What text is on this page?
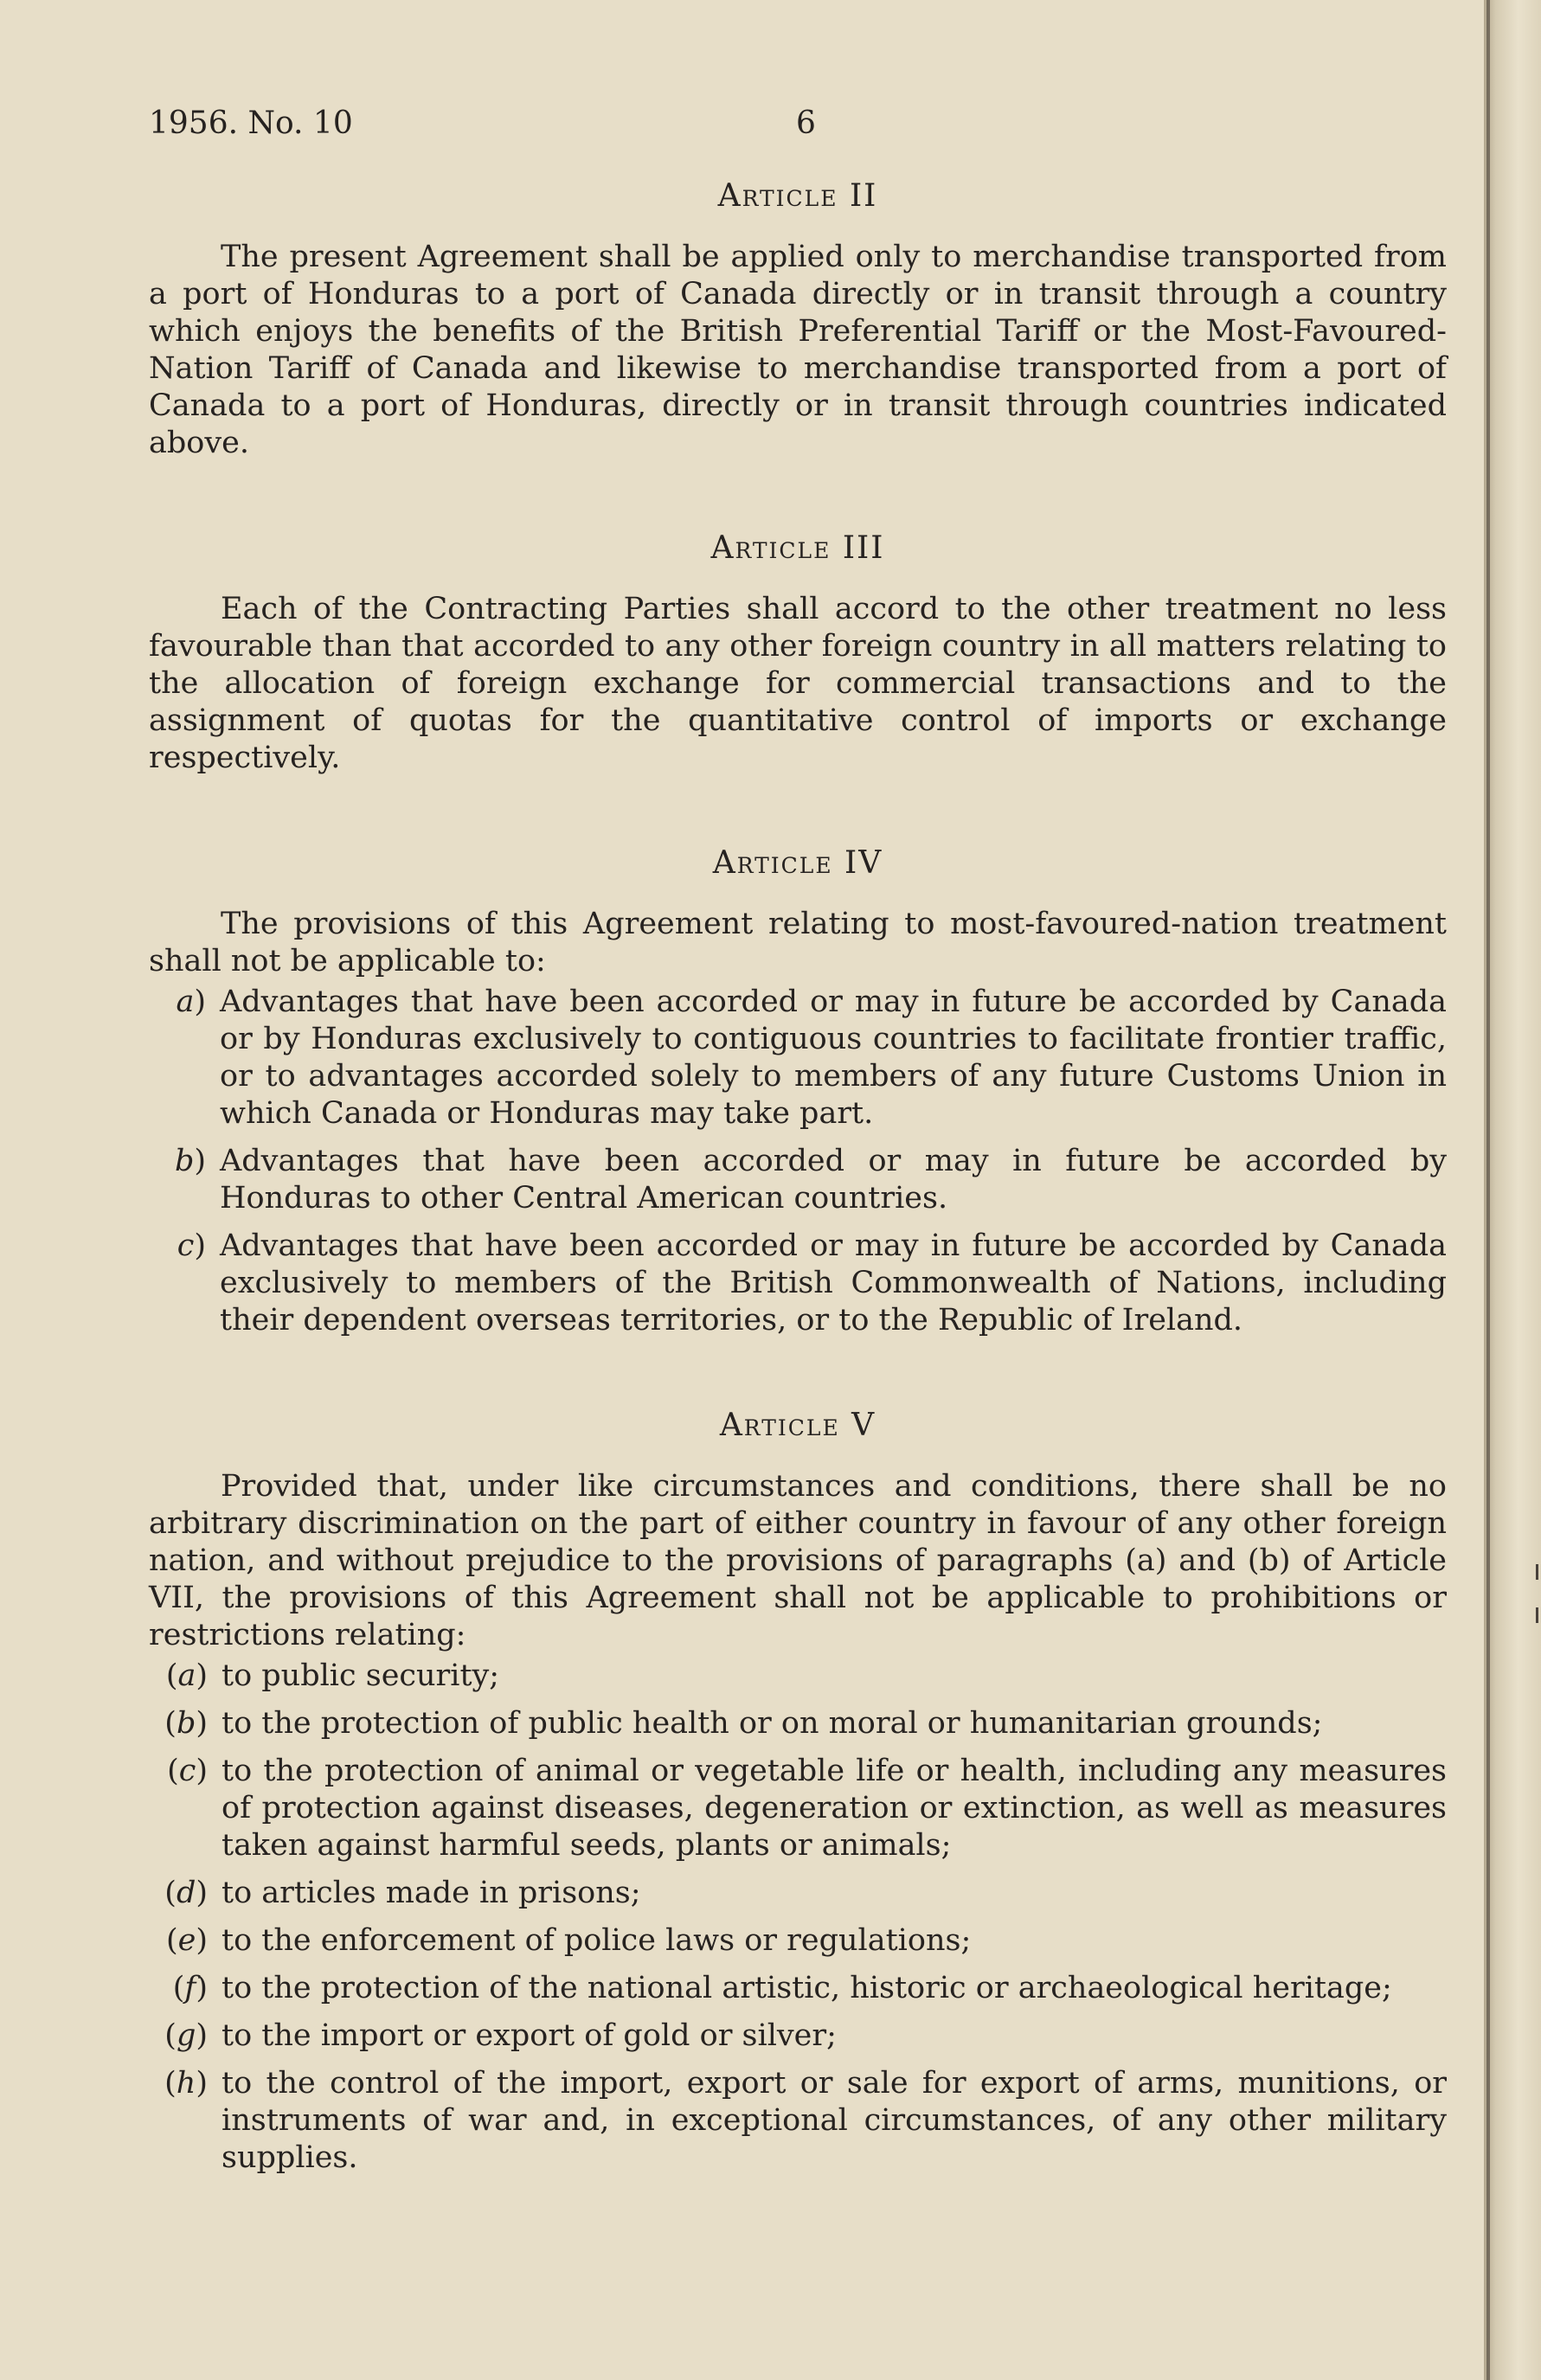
1956. No. 10	6
Article II

The present Agreement shall be applied only to merchandise transported from a port of Honduras to a port of Canada directly or in transit through a country which enjoys the benefits of the British Preferential Tariff or the Most-Favoured-Nation Tariff of Canada and likewise to merchandise transported from a port of Canada to a port of Honduras, directly or in transit through countries indicated above.

Article III

Each of the Contracting Parties shall accord to the other treatment no less favourable than that accorded to any other foreign country in all matters relating to the allocation of foreign exchange for commercial transactions and to the assignment of quotas for the quantitative control of imports or exchange respectively.

Article IV

The provisions of this Agreement relating to most-favoured-nation treatment shall not be applicable to:

a) Advantages that have been accorded or may in future be accorded by Canada or by Honduras exclusively to contiguous countries to facilitate frontier traffic, or to advantages accorded solely to members of any future Customs Union in which Canada or Honduras may take part.
b) Advantages that have been accorded or may in future be accorded by Honduras to other Central American countries.
c) Advantages that have been accorded or may in future be accorded by Canada exclusively to members of the British Commonwealth of Nations, including their dependent overseas territories, or to the Republic of Ireland.
Article V

Provided that, under like circumstances and conditions, there shall be no arbitrary discrimination on the part of either country in favour of any other foreign nation, and without prejudice to the provisions of paragraphs (a) and (b) of Article VII, the provisions of this Agreement shall not be applicable to prohibitions or restrictions relating:

(a) to public security;
(b) to the protection of public health or on moral or humanitarian grounds;
(c) to the protection of animal or vegetable life or health, including any measures of protection against diseases, degeneration or extinction, as well as measures taken against harmful seeds, plants or animals;
(d) to articles made in prisons;
(e) to the enforcement of police laws or regulations;
(f) to the protection of the national artistic, historic or archaeological heritage;
(g) to the import or export of gold or silver;
(h) to the control of the import, export or sale for export of arms, munitions, or instruments of war and, in exceptional circumstances, of any other military supplies.
